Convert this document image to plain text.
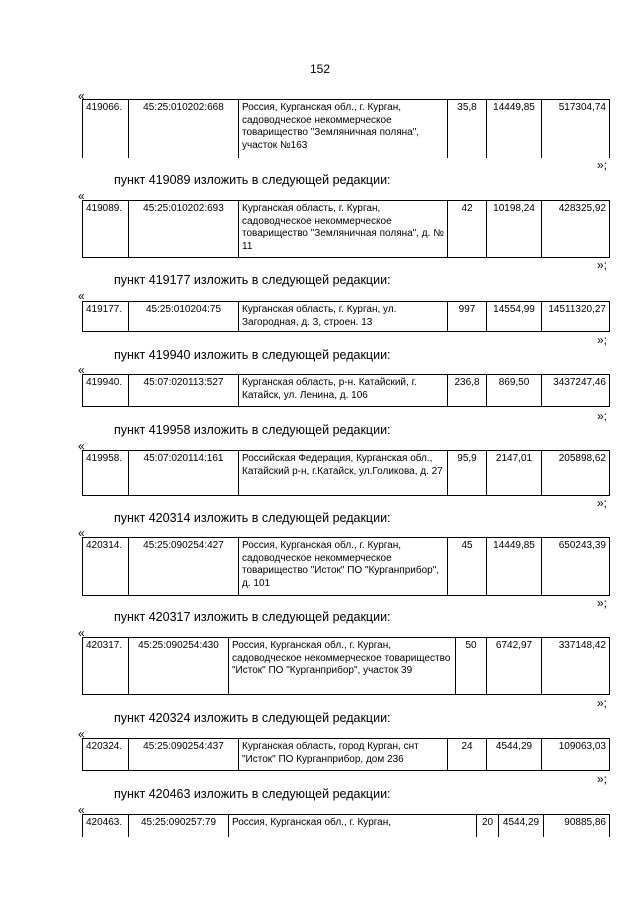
152
«
419066.	45:25:010202:668	Россия, Курганская обл., г. Курган, садоводческое некоммерческое товарищество "Земляничная поляна", участок №163	35,8	14449,85	517304,74
»;
пункт 419089 изложить в следующей редакции:
«
419089.	45:25:010202:693	Курганская область, г. Курган, садоводческое некоммерческое товарищество "Земляничная поляна", д. № 11	42	10198,24	428325,92
»;
пункт 419177 изложить в следующей редакции:
«
419177.	45:25:010204:75	Курганская область, г. Курган, ул. Загородная, д. 3, строен. 13	997	14554,99	14511320,27
»;
пункт 419940 изложить в следующей редакции:
«
419940.	45:07:020113:527	Курганская область, р-н. Катайский, г. Катайск, ул. Ленина, д. 106	236,8	869,50	3437247,46
»;
пункт 419958 изложить в следующей редакции:
«
419958.	45:07:020114:161	Российская Федерация, Курганская обл., Катайский р-н, г.Катайск, ул.Голикова, д. 27	95,9	2147,01	205898,62
»;
пункт 420314 изложить в следующей редакции:
«
420314.	45:25:090254:427	Россия, Курганская обл., г. Курган, садоводческое некоммерческое товарищество "Исток" ПО "Курганприбор", д. 101	45	14449,85	650243,39
»;
пункт 420317 изложить в следующей редакции:
«
420317.	45:25:090254:430	Россия, Курганская обл., г. Курган, садоводческое некоммерческое товарищество "Исток" ПО "Курганприбор", участок 39	50	6742,97	337148,42
»;
пункт 420324 изложить в следующей редакции:
«
420324.	45:25:090254:437	Курганская область, город Курган, снт "Исток" ПО Курганприбор, дом 236	24	4544,29	109063,03
»;
пункт 420463 изложить в следующей редакции:
«
420463.	45:25:090257:79	Россия, Курганская обл., г. Курган,	20	4544,29	90885,86
